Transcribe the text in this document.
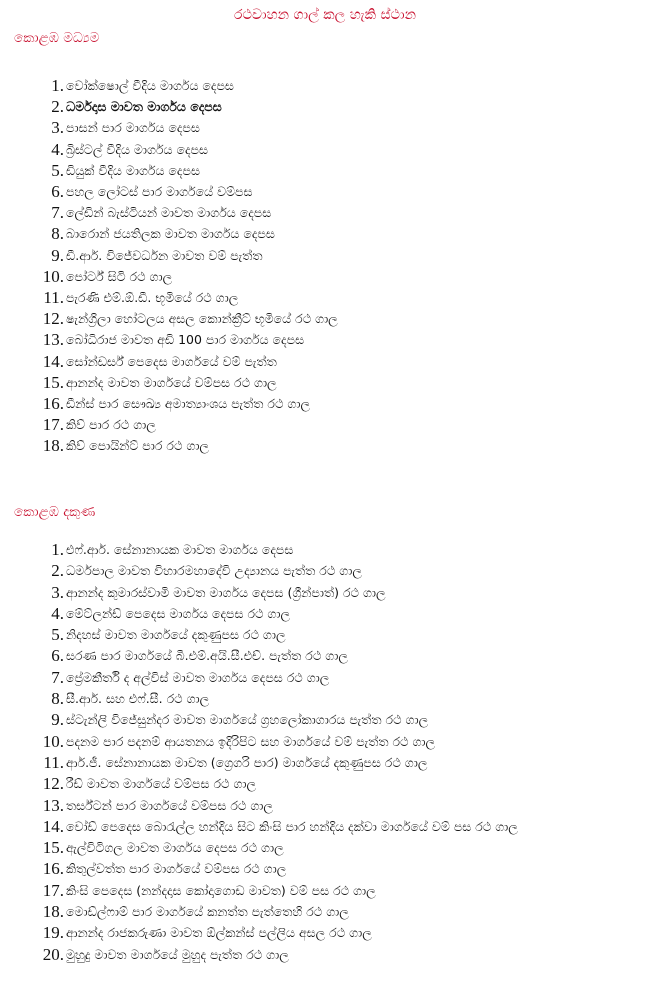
රථවාහන ගාල් කල හැකි ස්ථාන
කොළඹ මධ්‍යම
1. වෝක්ෂොල් වීදිය මාර්ගය දෙපස
2. ධර්මදාස මාවත මාර්ගය දෙපස
3. පාසන් පාර මාර්ගය දෙපස
4. බ්‍රිස්ටල් වීදිය මාර්ගය දෙපස
5. ඩියුක් වීදිය මාර්ගය දෙපස
6. පහල ලෝටස් පාර මාර්ගයේ වම්පස
7. ලේඩින් බැස්ටියන් මාවත මාර්ගය දෙපස
8. බාරොන් ජයතිලක මාවත මාර්ගය දෙපස
9. ඩී.ආර්. විජේවර්ධන මාවත වම් පැත්ත
10. පෝර්ට් සිටි රථ ගාල
11. පැරණි එම්.ඕ.ඩී. භූමියේ රථ ගාල
12. ෂැන්ග්‍රිලා හෝටලය අසල කොන්ක්‍රීට් භූමියේ රථ ගාල
13. බෝධිරාජ මාවත අඩි 100 පාර මාර්ගය දෙපස
14. සෝන්ඩර්ස් පෙදෙස මාර්ගයේ වම් පැත්ත
15. ආනන්ද මාවත මාර්ගයේ වම්පස රථ ගාල
16. ඩීන්ස් පාර සෞඛ්‍ය අමාත්‍යාංශය පැත්ත රථ ගාල
17. කිව් පාර රථ ගාල
18. කිව් පොයින්ට් පාර රථ ගාල
කොළඹ දකුණ
1. එෆ්.ආර්. සේනානායක මාවත මාර්ගය දෙපස
2. ධර්මපාල මාවත විහාරමහාදේවි උද්‍යානය පැත්ත රථ ගාල
3. ආනන්ද කුමාරස්වාමි මාවත මාර්ගය දෙපස (ග්‍රීන්පාත්) රථ ගාල
4. මේට්ලන්ඩ් පෙදෙස මාර්ගය දෙපස රථ ගාල
5. නිදහස් මාවත මාර්ගයේ දකුණුපස රථ ගාල
6. සරණ පාර මාර්ගයේ බී.එම්.අයි.සී.එච්. පැත්ත රථ ගාල
7. ප්‍රේමකීර්ති ද අල්විස් මාවත මාර්ගය දෙපස රථ ගාල
8. සී.ආර්. සහ එෆ්.සී. රථ ගාල
9. ස්ටැන්ලි විජේසුන්දර මාවත මාර්ගයේ ග්‍රහලෝකාගාරය පැත්ත රථ ගාල
10. පදනම පාර පදනම් ආයතනය ඉදිරිපිට සහ මාර්ගයේ වම් පැත්ත රථ ගාල
11. ආර්.ජී. සේනානායක මාවත (ග්‍රෙගරි පාර) මාර්ගයේ දකුණුපස රථ ගාල
12. රීඩ් මාවත මාර්ගයේ වම්පස රථ ගාල
13. තර්ස්ටන් පාර මාර්ගයේ වම්පස රථ ගාල
14. වෝඩ් පෙදෙස බොරැල්ල හන්දිය සිට කිංසි පාර හන්දිය දක්වා මාර්ගයේ වම් පස රථ ගාල
15. ඇල්විටිගල මාවත මාර්ගය දෙපස රථ ගාල
16. කිතුල්වත්ත පාර මාර්ගයේ වම්පස රථ ගාල
17. කිංසි පෙදෙස (නන්දදාස කෝදාගොඩ මාවත) වම් පස රථ ගාල
18. මොඩ්ල්ෆාම් පාර මාර්ගයේ කනත්ත පැත්තෙහි රථ ගාල
19. ආනන්ද රාජකරුණා මාවත ඕල්කන්ස් පල්ලිය අසල රථ ගාල
20. මුහුදු මාවත මාර්ගයේ මුහුද පැත්ත රථ ගාල
